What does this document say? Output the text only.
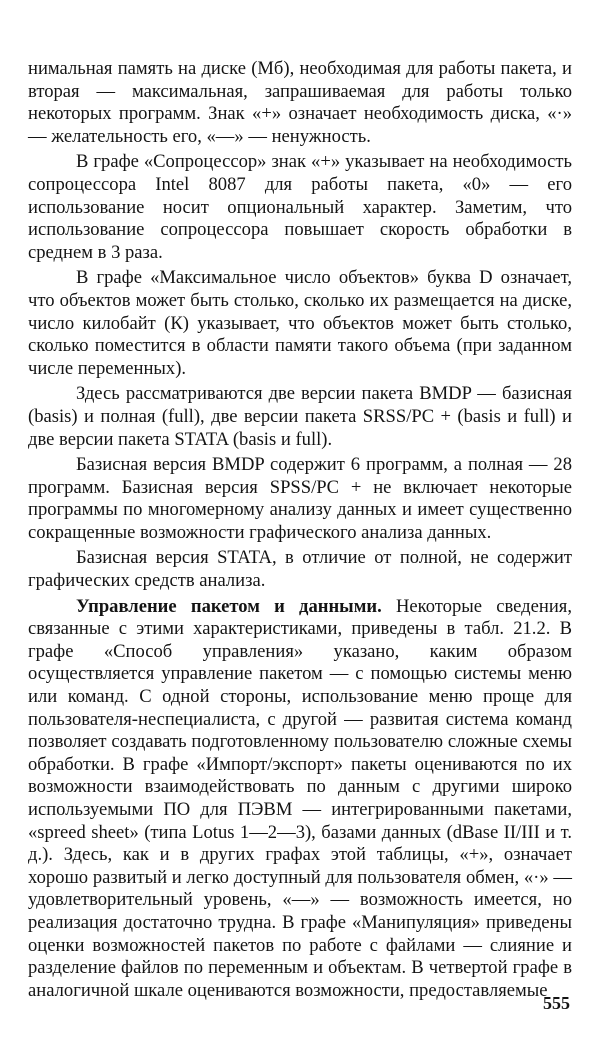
нимальная память на диске (Мб), необходимая для работы пакета, и вторая — максимальная, запрашиваемая для работы только некоторых программ. Знак «+» означает необходимость диска, «·» — желательность его, «—» — ненужность.

В графе «Сопроцессор» знак «+» указывает на необходимость сопроцессора Intel 8087 для работы пакета, «0» — его использование носит опциональный характер. Заметим, что использование сопроцессора повышает скорость обработки в среднем в 3 раза.

В графе «Максимальное число объектов» буква D означает, что объектов может быть столько, сколько их размещается на диске, число килобайт (К) указывает, что объектов может быть столько, сколько поместится в области памяти такого объема (при заданном числе переменных).

Здесь рассматриваются две версии пакета BMDP — базисная (basis) и полная (full), две версии пакета SRSS/PC + (basis и full) и две версии пакета STATA (basis и full).

Базисная версия BMDP содержит 6 программ, а полная — 28 программ. Базисная версия SPSS/PC + не включает некоторые программы по многомерному анализу данных и имеет существенно сокращенные возможности графического анализа данных.

Базисная версия STATA, в отличие от полной, не содержит графических средств анализа.

Управление пакетом и данными. Некоторые сведения, связанные с этими характеристиками, приведены в табл. 21.2. В графе «Способ управления» указано, каким образом осуществляется управление пакетом — с помощью системы меню или команд. С одной стороны, использование меню проще для пользователя-неспециалиста, с другой — развитая система команд позволяет создавать подготовленному пользователю сложные схемы обработки. В графе «Импорт/экспорт» пакеты оцениваются по их возможности взаимодействовать по данным с другими широко используемыми ПО для ПЭВМ — интегрированными пакетами, «spreed sheet» (типа Lotus 1—2—3), базами данных (dBase II/III и т. д.). Здесь, как и в других графах этой таблицы, «+», означает хорошо развитый и легко доступный для пользователя обмен, «·» — удовлетворительный уровень, «—» — возможность имеется, но реализация достаточно трудна. В графе «Манипуляция» приведены оценки возможностей пакетов по работе с файлами — слияние и разделение файлов по переменным и объектам. В четвертой графе в аналогичной шкале оцениваются возможности, предоставляемые

555
